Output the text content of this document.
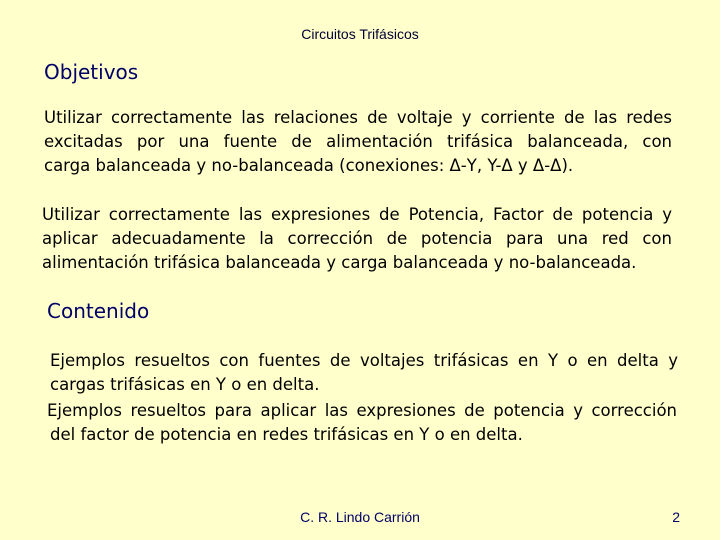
Circuitos Trifásicos
Objetivos
Utilizar correctamente las relaciones de voltaje y corriente de las redes
excitadas por una fuente de alimentación trifásica balanceada, con
carga balanceada y no-balanceada (conexiones: Δ-Y, Y-Δ y Δ-Δ).
Utilizar correctamente las expresiones de Potencia, Factor de potencia y
aplicar adecuadamente la corrección de potencia para una red con
alimentación trifásica balanceada y carga balanceada y no-balanceada.
Contenido
Ejemplos resueltos con fuentes de voltajes trifásicas en Y o en delta y
cargas trifásicas en Y o en delta.
Ejemplos resueltos para aplicar las expresiones de potencia y corrección
del factor de potencia en redes trifásicas en Y o en delta.
C. R. Lindo Carrión	2
